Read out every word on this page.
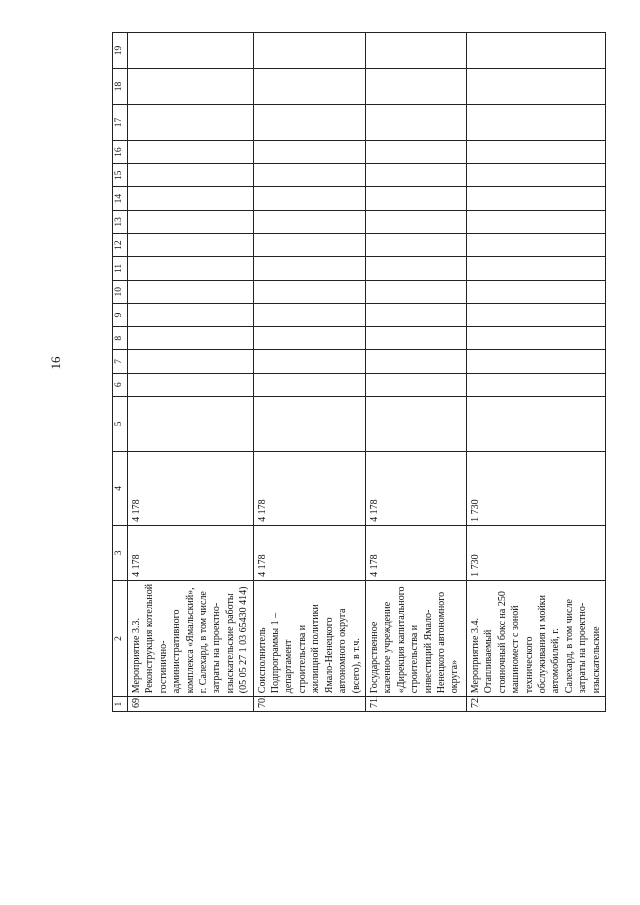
16
1	2	3	4	5	6	7	8	9	10	11	12	13	14	15	16	17	18	19
69.	Мероприятие 3.3. Реконструкция котельной гостинично-административного комплекса «Ямальский», г. Салехард, в том числе затраты на проектно-изыскательские работы (05 05 27 1 03 65430 414)	4 178	4 178															
70.	Соисполнитель Подпрограммы 1 – департамент строительства и жилищной политики Ямало-Ненецкого автономного округа (всего), в т.ч.	4 178	4 178															
71.	Государственное казенное учреждение «Дирекция капитального строительства и инвестиций Ямало-Ненецкого автономного округа»	4 178	4 178															
72.	Мероприятие 3.4. Отапливаемый стояночный бокс на 250 машиномест с зоной технического обслуживания и мойки автомобилей, г. Салехард, в том числе затраты на проектно-изыскательские	1 730	1 730															
